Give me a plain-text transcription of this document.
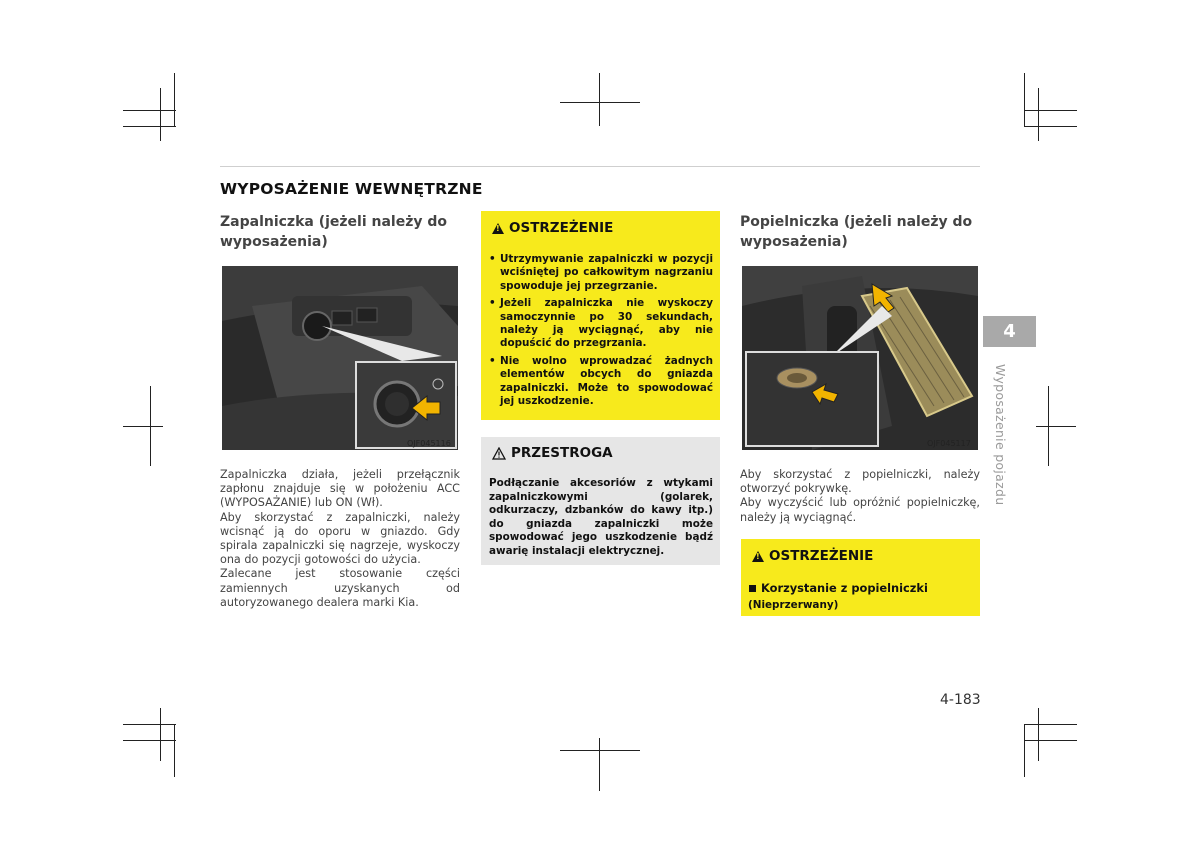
WYPOSAŻENIE WEWNĘTRZNE
Zapalniczka (jeżeli należy do wyposażenia)
OJF045116

Zapalniczka działa, jeżeli przełącznik zapłonu znajduje się w położeniu ACC (WYPOSAŻANIE) lub ON (Wł).

Aby skorzystać z zapalniczki, należy wcisnąć ją do oporu w gniazdo. Gdy spirala zapalniczki się nagrzeje, wyskoczy ona do pozycji gotowości do użycia.

Zalecane jest stosowanie części zamiennych uzyskanych od autoryzowanego dealera marki Kia.

!
OSTRZEŻENIE
• Utrzymywanie zapalniczki w pozycji wciśniętej po całkowitym nagrzaniu spowoduje jej przegrzanie.
• Jeżeli zapalniczka nie wyskoczy samoczynnie po 30 sekundach, należy ją wyciągnąć, aby nie dopuścić do przegrzania.
• Nie wolno wprowadzać żadnych elementów obcych do gniazda zapalniczki. Może to spowodować jej uszkodzenie.
PRZESTROGA
Podłączanie akcesoriów z wtykami zapalniczkowymi (golarek, odkurzaczy, dzbanków do kawy itp.) do gniazda zapalniczki może spowodować jego uszkodzenie bądź awarię instalacji elektrycznej.
Popielniczka (jeżeli należy do wyposażenia)
OJF045117

Aby skorzystać z popielniczki, należy otworzyć pokrywkę.

Aby wyczyścić lub opróżnić popielniczkę, należy ją wyciągnąć.

!
OSTRZEŻENIE
Korzystanie z popielniczki
(Nieprzerwany)
4
Wyposażenie pojazdu
4-183
